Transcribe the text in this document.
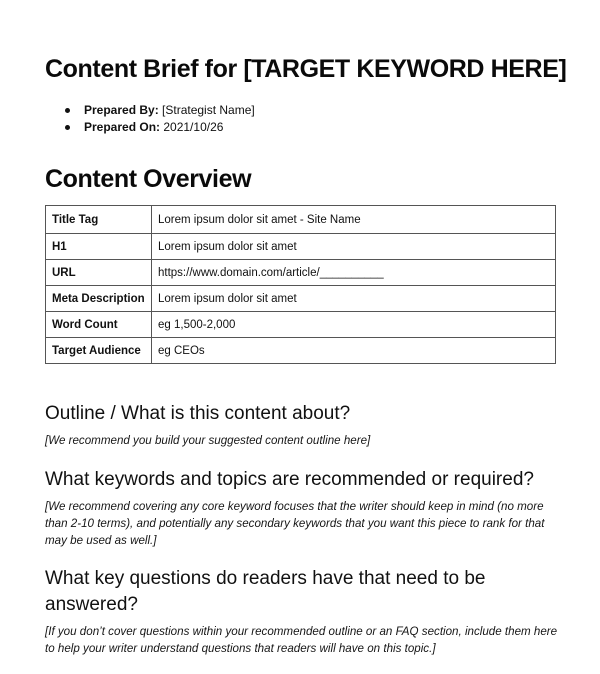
Content Brief for [TARGET KEYWORD HERE]
Prepared By: [Strategist Name]
Prepared On: 2021/10/26
Content Overview
Title Tag	Lorem ipsum dolor sit amet - Site Name
H1	Lorem ipsum dolor sit amet
URL	https://www.domain.com/article/__________
Meta Description	Lorem ipsum dolor sit amet
Word Count	eg 1,500-2,000
Target Audience	eg CEOs
Outline / What is this content about?

[We recommend you build your suggested content outline here]

What keywords and topics are recommended or required?

[We recommend covering any core keyword focuses that the writer should keep in mind (no more than 2-10 terms), and potentially any secondary keywords that you want this piece to rank for that may be used as well.]

What key questions do readers have that need to be answered?

[If you don’t cover questions within your recommended outline or an FAQ section, include them here to help your writer understand questions that readers will have on this topic.]
